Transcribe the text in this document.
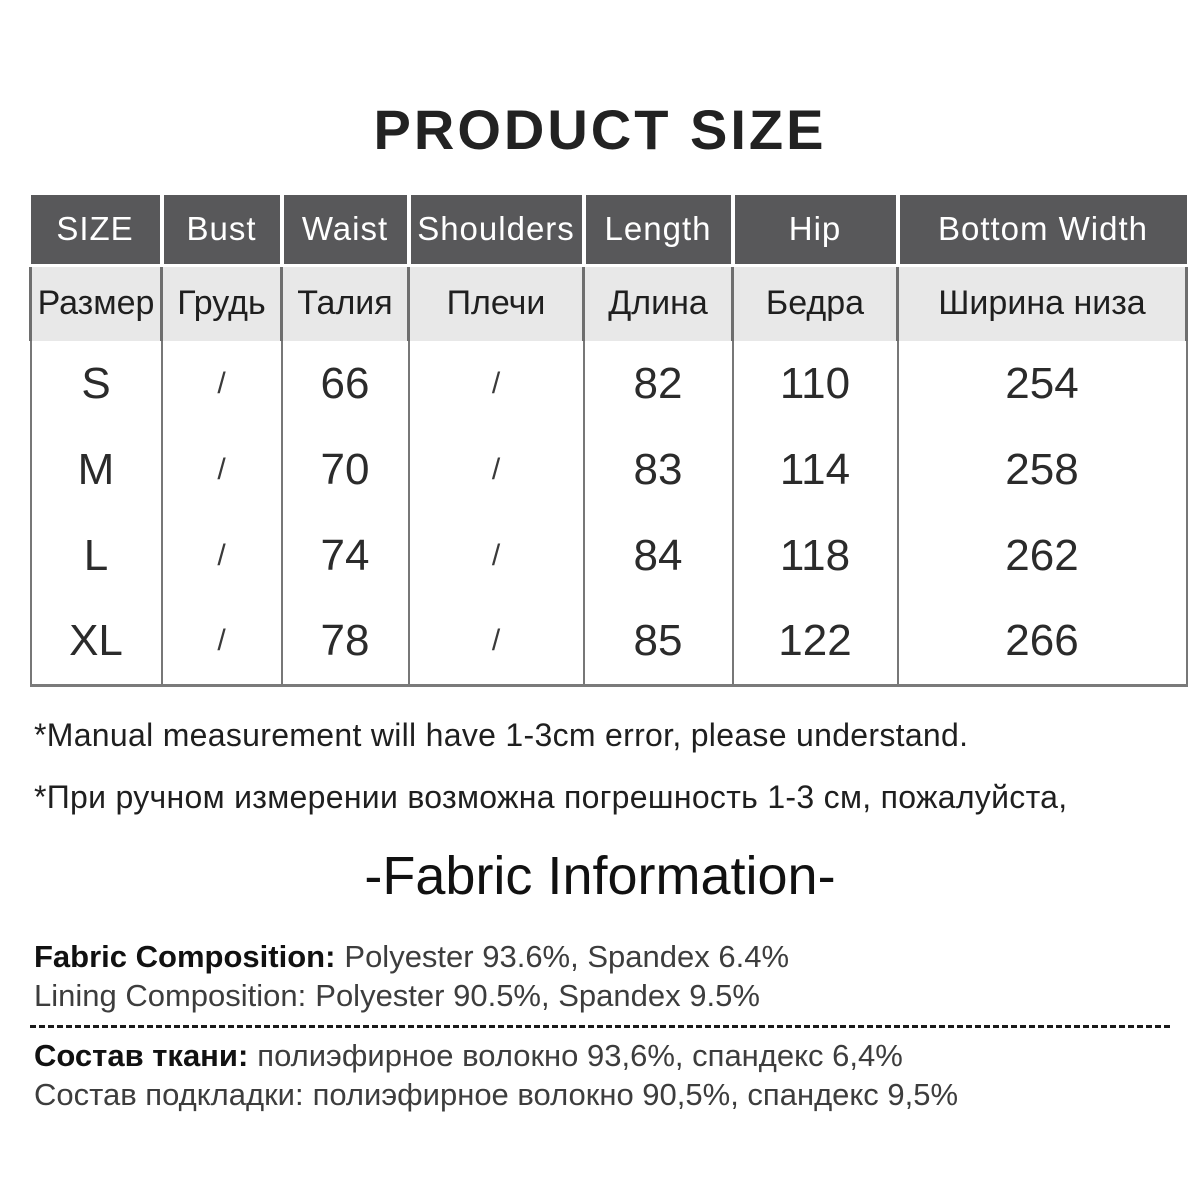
PRODUCT SIZE
SIZE	Bust	Waist	Shoulders	Length	Hip	Bottom Width
Размер	Грудь	Талия	Плечи	Длина	Бедра	Ширина низа
S	/	66	/	82	110	254
M	/	70	/	83	114	258
L	/	74	/	84	118	262
XL	/	78	/	85	122	266
*Manual measurement will have 1-3cm error, please understand.
*При ручном измерении возможна погрешность 1-3 см, пожалуйста,
-Fabric Information-
Fabric Composition: Polyester 93.6%, Spandex 6.4%
Lining Composition: Polyester 90.5%, Spandex 9.5%
Состав ткани: полиэфирное волокно 93,6%, спандекс 6,4%
Состав подкладки: полиэфирное волокно 90,5%, спандекс 9,5%
